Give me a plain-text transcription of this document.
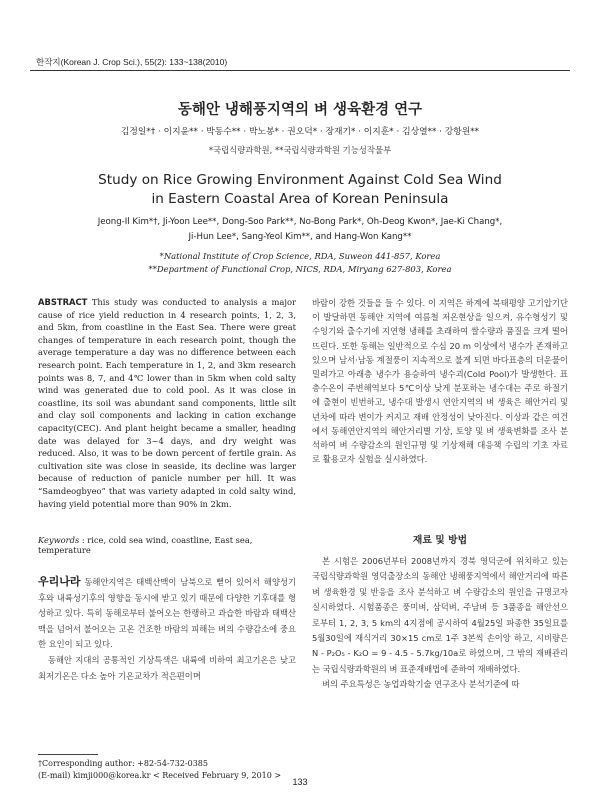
한작지(Korean J. Crop Sci.), 55(2): 133~138(2010)
동해안 냉해풍지역의 벼 생육환경 연구
김정일*† · 이지윤** · 박동수** · 박노봉* · 권오덕* · 장재기* · 이지훈* · 김상열** · 강항원**
*국립식량과학원, **국립식량과학원 기능성작물부
Study on Rice Growing Environment Against Cold Sea Wind
in Eastern Coastal Area of Korean Peninsula
Jeong-Il Kim*†, Ji-Yoon Lee**, Dong-Soo Park**, No-Bong Park*, Oh-Deog Kwon*, Jae-Ki Chang*,
Ji-Hun Lee*, Sang-Yeol Kim**, and Hang-Won Kang**
*National Institute of Crop Science, RDA, Suweon 441-857, Korea
**Department of Functional Crop, NICS, RDA, Miryang 627-803, Korea
ABSTRACT This study was conducted to analysis a major cause of rice yield reduction in 4 research points, 1, 2, 3, and 5km, from coastline in the East Sea. There were great changes of temperature in each research point, though the average temperature a day was no difference between each research point. Each temperature in 1, 2, and 3km research points was 8, 7, and 4℃ lower than in 5km when cold salty wind was generated due to cold pool. As it was close in coastline, its soil was abundant sand components, little silt and clay soil components and lacking in cation exchange capacity(CEC). And plant height became a smaller, heading date was delayed for 3~4 days, and dry weight was reduced. Also, it was to be down percent of fertile grain. As cultivation site was close in seaside, its decline was larger because of reduction of panicle number per hill. It was “Samdeogbyeo” that was variety adapted in cold salty wind, having yield potential more than 90% in 2km.
Keywords : rice, cold sea wind, coastline, East sea, temperature
우리나라 동해안지역은 태백산맥이 남북으로 뻗어 있어서 해양성기후와 내륙성기후의 영향을 동시에 받고 있기 때문에 다양한 기후대를 형성하고 있다. 특히 동해로부터 불어오는 한랭하고 과습한 바람과 태백산맥을 넘어서 불어오는 고온 건조한 바람의 피해는 벼의 수량감소에 중요한 요인이 되고 있다.
동해안 지대의 공통적인 기상특색은 내륙에 비하여 최고기온은 낮고 최저기온은 다소 높아 기온교차가 적은편이며
†Corresponding author: +82-54-732-0385
(E-mail) kimji000@korea.kr < Received February 9, 2010 >
바람이 강한 것들을 들 수 있다. 이 지역은 하계에 북태평양 고기압기단이 발달하면 동해안 지역에 여름철 저온현상을 일으켜, 유수형성기 및 수잉기와 출수기에 지연형 냉해를 초래하여 쌀수량과 품질을 크게 떨어뜨린다. 또한 동해는 일반적으로 수심 20 m 이상에서 냉수가 존재하고 있으며 남서·남동 계절풍이 지속적으로 불게 되면 바다표층의 더운물이 밀려가고 아래층 냉수가 용승하여 냉수괴(Cold Pool)가 발생한다. 표층수온이 주변해역보다 5℃이상 낮게 분포하는 냉수대는 주로 하절기에 출현이 빈번하고, 냉수대 발생시 연안지역의 벼 생육은 해안거리 및 년차에 따라 변이가 커지고 재배 안정성이 낮아진다. 이상과 같은 여건에서 동해연안지역의 해안거리별 기상, 토양 및 벼 생육변화를 조사 분석하여 벼 수량감소의 원인규명 및 기상재해 대응책 수립의 기초 자료로 활용코자 실험을 실시하였다.
재료 및 방법
본 시험은 2006년부터 2008년까지 경북 영덕군에 위치하고 있는 국립식량과학원 영덕출장소의 동해안 냉해풍지역에서 해안거리에 따른 벼 생육환경 및 반응을 조사 분석하고 벼 수량감소의 원인을 규명코자 실시하였다. 시험품종은 풍미벼, 삼덕벼, 주남벼 등 3품종을 해안선으로부터 1, 2, 3, 5 km의 4지점에 공시하여 4월25일 파종한 35일묘를 5월30일에 재식거리 30×15 cm로 1주 3본씩 손이앙 하고, 시비량은 N - P₂O₅ - K₂O = 9 - 4.5 - 5.7kg/10a로 하였으며, 그 밖의 재배관리는 국립식량과학원의 벼 표준재배법에 준하여 재배하였다.
벼의 주요특성은 농업과학기술 연구조사 분석기준에 따
133
